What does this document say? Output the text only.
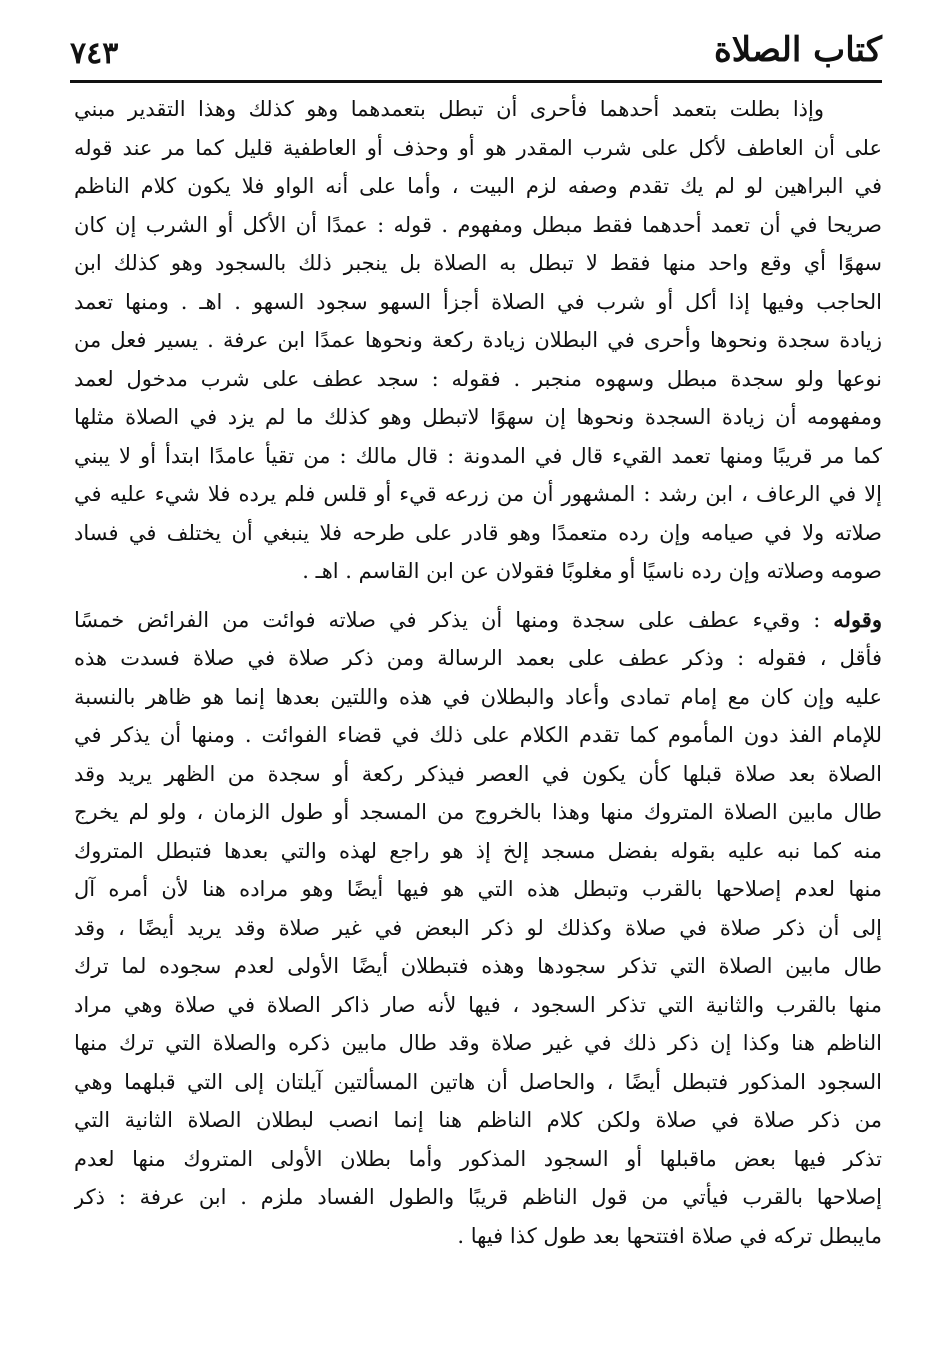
٣٤٧	كتاب الصلاة

وإذا بطلت بتعمد أحدهما فأحرى أن تبطل بتعمدهما وهو كذلك وهذا التقدير مبني
على أن العاطف لأكل على شرب المقدر هو أو وحذف أو العاطفية قليل كما مر عند قوله
في البراهين لو لم يك تقدم وصفه لزم البيت ، وأما على أنه الواو فلا يكون كلام الناظم
صريحا في أن تعمد أحدهما فقط مبطل ومفهوم . قوله : عمدًا أن الأكل أو الشرب إن كان
سهوًا أي وقع واحد منها فقط لا تبطل به الصلاة بل ينجبر ذلك بالسجود وهو كذلك ابن
الحاجب وفيها إذا أكل أو شرب في الصلاة أجزأ السهو سجود السهو . اهـ . ومنها تعمد
زيادة سجدة ونحوها وأحرى في البطلان زيادة ركعة ونحوها عمدًا ابن عرفة . يسير فعل من
نوعها ولو سجدة مبطل وسهوه منجبر . فقوله : سجد عطف على شرب مدخول لعمد
ومفهومه أن زيادة السجدة ونحوها إن سهوًا لاتبطل وهو كذلك ما لم يزد في الصلاة مثلها
كما مر قريبًا ومنها تعمد القيء قال في المدونة : قال مالك : من تقيأ عامدًا ابتدأ أو لا يبني
إلا في الرعاف ، ابن رشد : المشهور أن من زرعه قيء أو قلس فلم يرده فلا شيء عليه في
صلاته ولا في صيامه وإن رده متعمدًا وهو قادر على طرحه فلا ينبغي أن يختلف في فساد
صومه وصلاته وإن رده ناسيًا أو مغلوبًا فقولان عن ابن القاسم . اهـ .

وقوله : وقيء عطف على سجدة ومنها أن يذكر في صلاته فوائت من الفرائض خمسًا
فأقل ، فقوله : وذكر عطف على بعمد الرسالة ومن ذكر صلاة في صلاة فسدت هذه
عليه وإن كان مع إمام تمادى وأعاد والبطلان في هذه واللتين بعدها إنما هو ظاهر بالنسبة
للإمام الفذ دون المأموم كما تقدم الكلام على ذلك في قضاء الفوائت . ومنها أن يذكر في
الصلاة بعد صلاة قبلها كأن يكون في العصر فيذكر ركعة أو سجدة من الظهر يريد وقد
طال مابين الصلاة المتروك منها وهذا بالخروج من المسجد أو طول الزمان ، ولو لم يخرج
منه كما نبه عليه بقوله بفضل مسجد إلخ إذ هو راجع لهذه والتي بعدها فتبطل المتروك
منها لعدم إصلاحها بالقرب وتبطل هذه التي هو فيها أيضًا وهو مراده هنا لأن أمره آل
إلى أن ذكر صلاة في صلاة وكذلك لو ذكر البعض في غير صلاة وقد يريد أيضًا ، وقد
طال مابين الصلاة التي تذكر سجودها وهذه فتبطلان أيضًا الأولى لعدم سجوده لما ترك
منها بالقرب والثانية التي تذكر السجود ، فيها لأنه صار ذاكر الصلاة في صلاة وهي مراد
الناظم هنا وكذا إن ذكر ذلك في غير صلاة وقد طال مابين ذكره والصلاة التي ترك منها
السجود المذكور فتبطل أيضًا ، والحاصل أن هاتين المسألتين آيلتان إلى التي قبلهما وهي
من ذكر صلاة في صلاة ولكن كلام الناظم هنا إنما انصب لبطلان الصلاة الثانية التي
تذكر فيها بعض ماقبلها أو السجود المذكور وأما بطلان الأولى المتروك منها لعدم
إصلاحها بالقرب فيأتي من قول الناظم قريبًا والطول الفساد ملزم . ابن عرفة : ذكر
مايبطل تركه في صلاة افتتحها بعد طول كذا فيها .
